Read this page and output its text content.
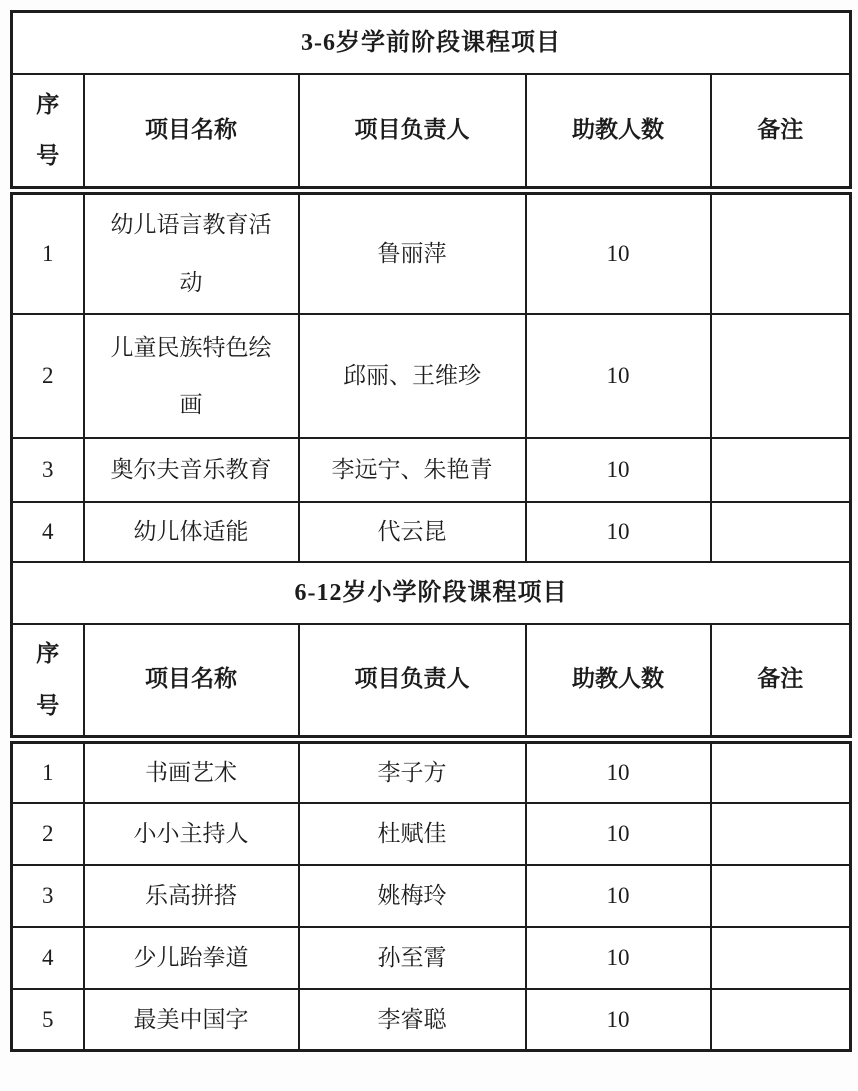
3-6岁学前阶段课程项目				
序号	项目名称	项目负责人	助教人数	备注
1	幼儿语言教育活动	鲁丽萍	10	
2	儿童民族特色绘画	邱丽、王维珍	10	
3	奥尔夫音乐教育	李远宁、朱艳青	10	
4	幼儿体适能	代云昆	10	
6-12岁小学阶段课程项目				
序号	项目名称	项目负责人	助教人数	备注
1	书画艺术	李子方	10	
2	小小主持人	杜赋佳	10	
3	乐高拼搭	姚梅玲	10	
4	少儿跆拳道	孙至霄	10	
5	最美中国字	李睿聪	10	
